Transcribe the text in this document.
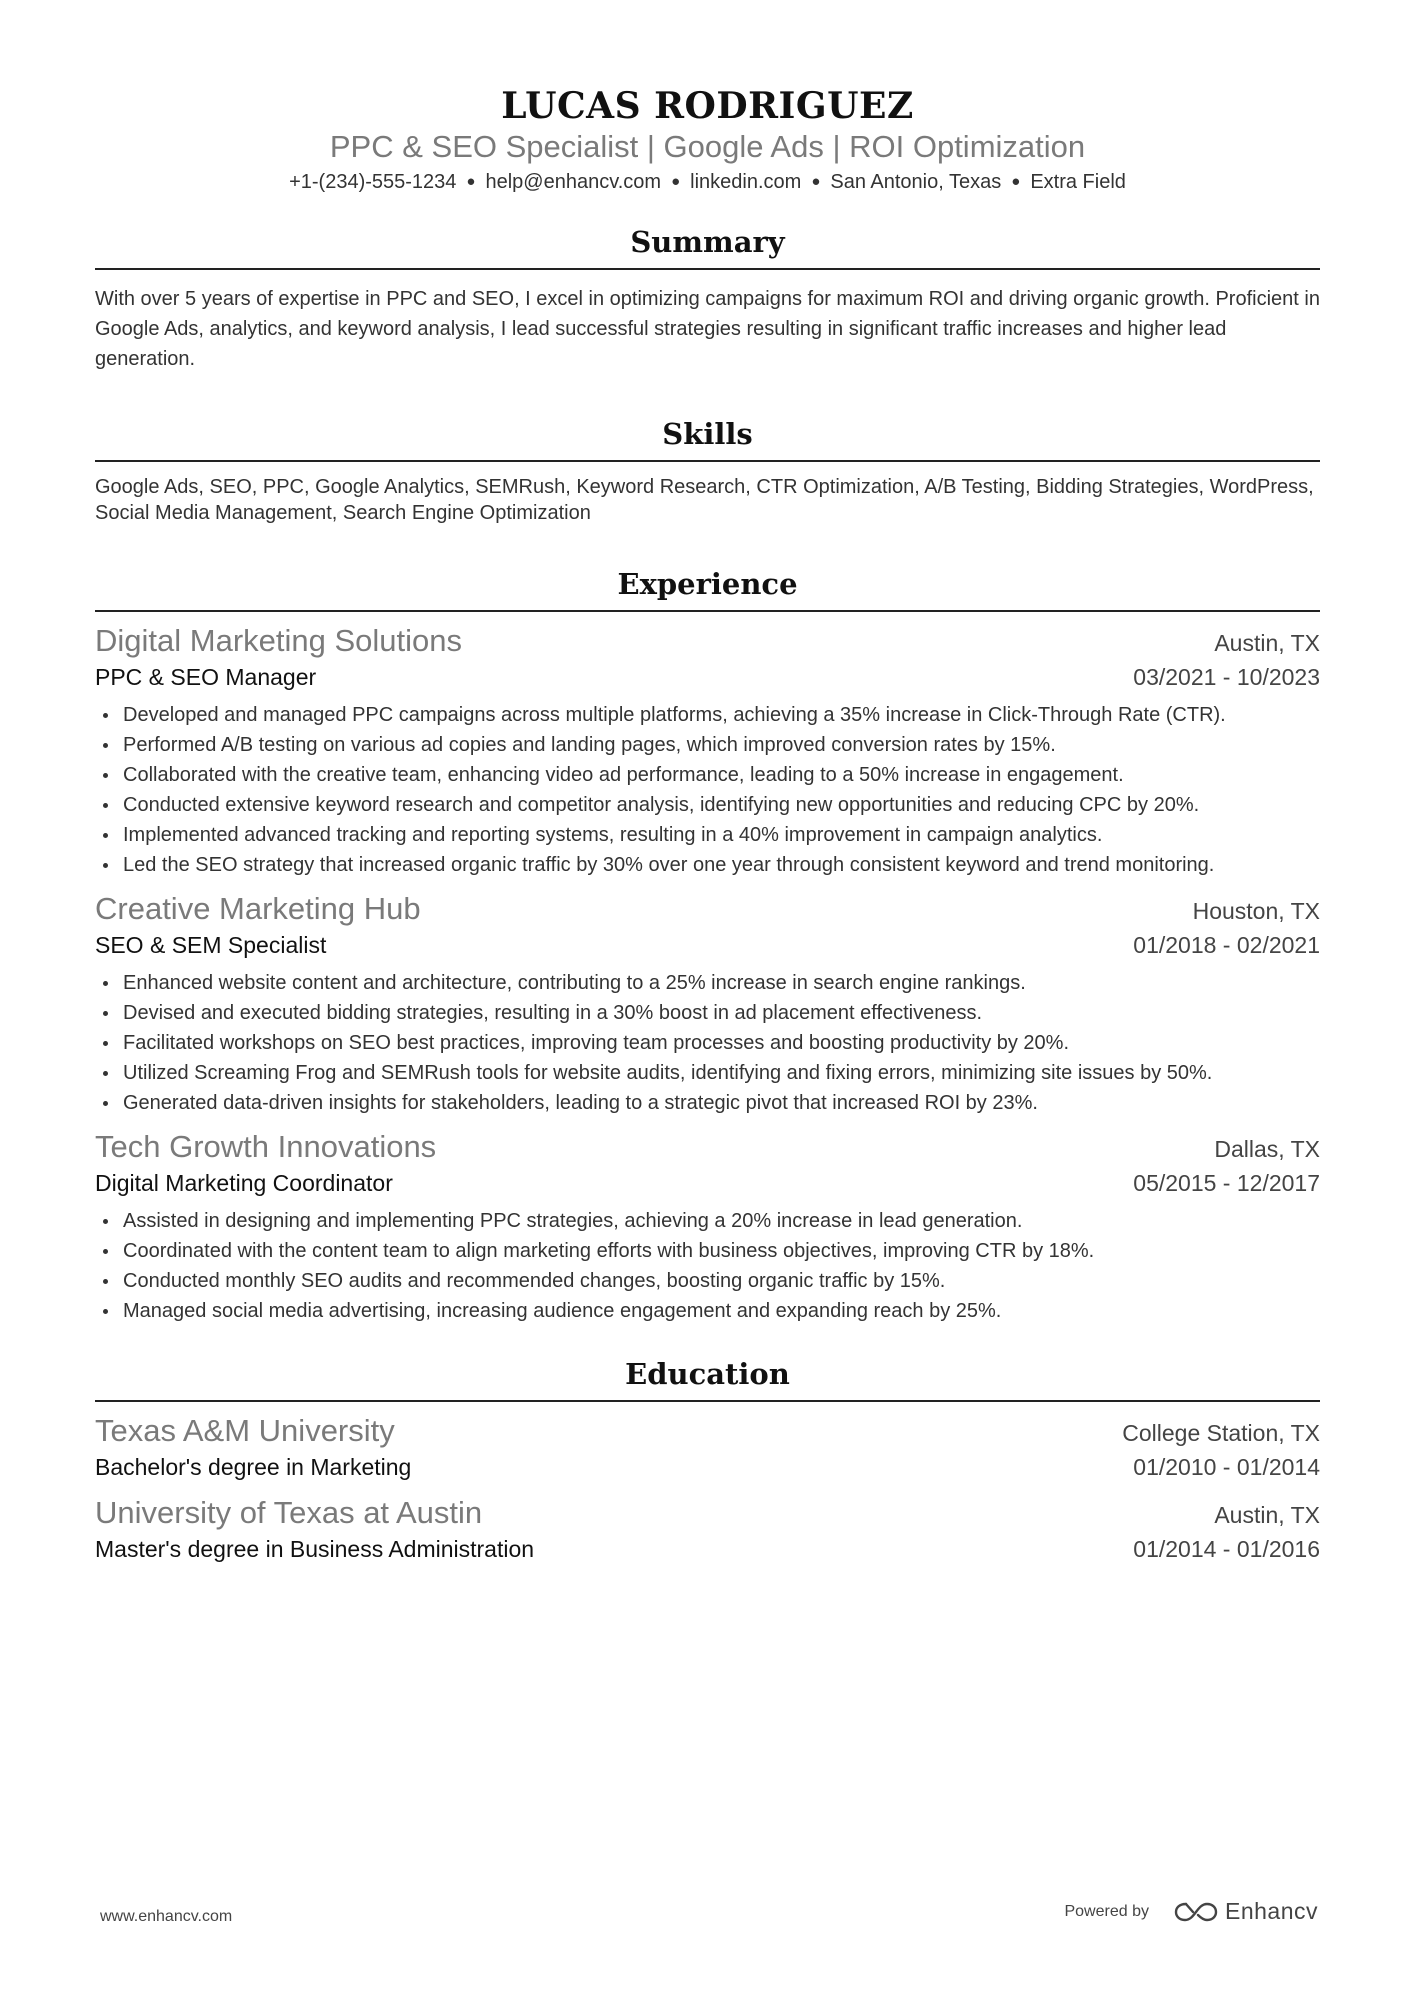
LUCAS RODRIGUEZ
PPC & SEO Specialist | Google Ads | ROI Optimization
+1-(234)-555-1234 ● help@enhancv.com ● linkedin.com ● San Antonio, Texas ● Extra Field
Summary
With over 5 years of expertise in PPC and SEO, I excel in optimizing campaigns for maximum ROI and driving organic growth. Proficient in Google Ads, analytics, and keyword analysis, I lead successful strategies resulting in significant traffic increases and higher lead generation.
Skills
Google Ads, SEO, PPC, Google Analytics, SEMRush, Keyword Research, CTR Optimization, A/B Testing, Bidding Strategies, WordPress, Social Media Management, Search Engine Optimization
Experience
Digital Marketing Solutions	Austin, TX
PPC & SEO Manager	03/2021 - 10/2023
Developed and managed PPC campaigns across multiple platforms, achieving a 35% increase in Click-Through Rate (CTR).
Performed A/B testing on various ad copies and landing pages, which improved conversion rates by 15%.
Collaborated with the creative team, enhancing video ad performance, leading to a 50% increase in engagement.
Conducted extensive keyword research and competitor analysis, identifying new opportunities and reducing CPC by 20%.
Implemented advanced tracking and reporting systems, resulting in a 40% improvement in campaign analytics.
Led the SEO strategy that increased organic traffic by 30% over one year through consistent keyword and trend monitoring.
Creative Marketing Hub	Houston, TX
SEO & SEM Specialist	01/2018 - 02/2021
Enhanced website content and architecture, contributing to a 25% increase in search engine rankings.
Devised and executed bidding strategies, resulting in a 30% boost in ad placement effectiveness.
Facilitated workshops on SEO best practices, improving team processes and boosting productivity by 20%.
Utilized Screaming Frog and SEMRush tools for website audits, identifying and fixing errors, minimizing site issues by 50%.
Generated data-driven insights for stakeholders, leading to a strategic pivot that increased ROI by 23%.
Tech Growth Innovations	Dallas, TX
Digital Marketing Coordinator	05/2015 - 12/2017
Assisted in designing and implementing PPC strategies, achieving a 20% increase in lead generation.
Coordinated with the content team to align marketing efforts with business objectives, improving CTR by 18%.
Conducted monthly SEO audits and recommended changes, boosting organic traffic by 15%.
Managed social media advertising, increasing audience engagement and expanding reach by 25%.
Education
Texas A&M University	College Station, TX
Bachelor's degree in Marketing	01/2010 - 01/2014
University of Texas at Austin	Austin, TX
Master's degree in Business Administration	01/2014 - 01/2016
www.enhancv.com	Powered by	Enhancv
